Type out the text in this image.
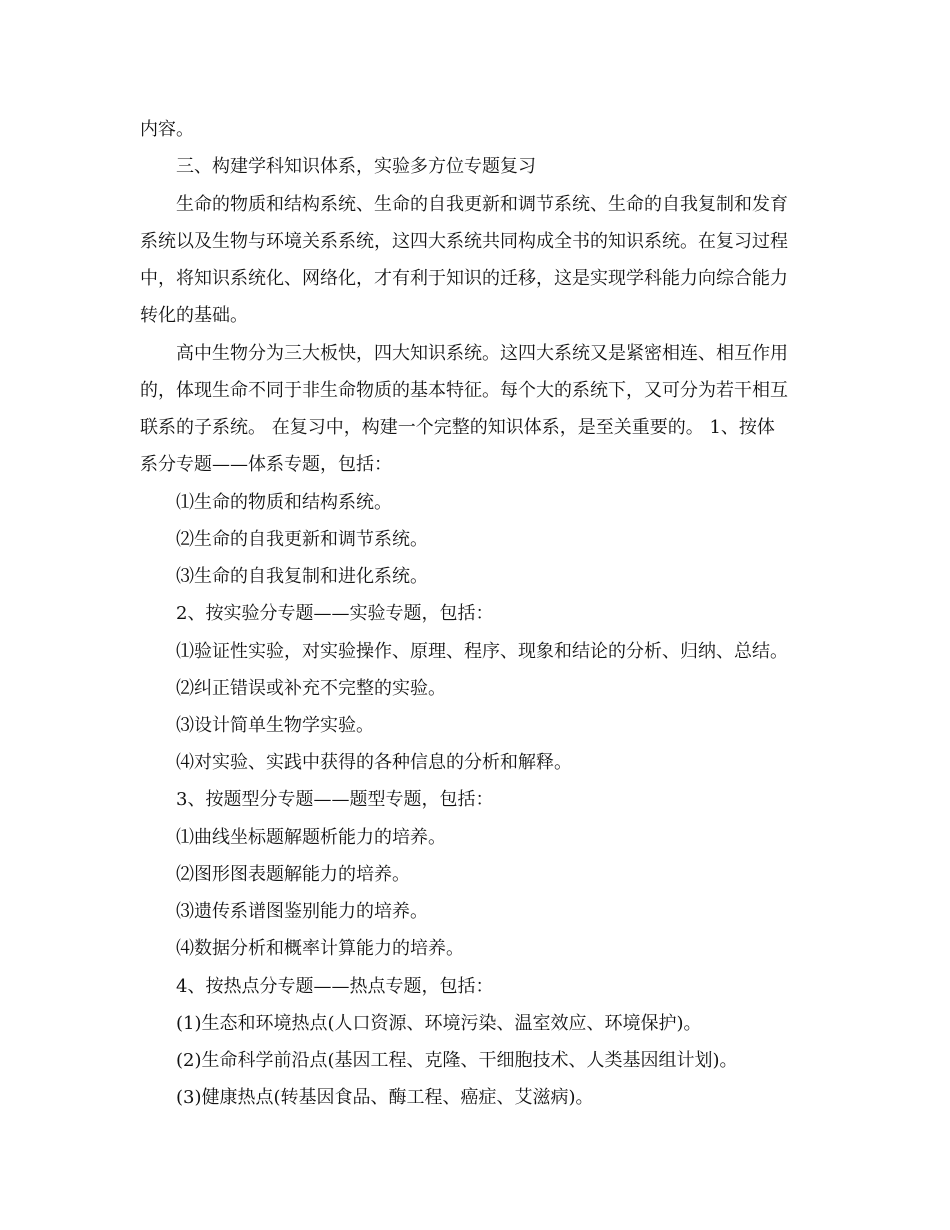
内容。
三、构建学科知识体系，实验多方位专题复习
生命的物质和结构系统、生命的自我更新和调节系统、生命的自我复制和发育
系统以及生物与环境关系系统，这四大系统共同构成全书的知识系统。在复习过程
中，将知识系统化、网络化，才有利于知识的迁移，这是实现学科能力向综合能力
转化的基础。
高中生物分为三大板快，四大知识系统。这四大系统又是紧密相连、相互作用
的，体现生命不同于非生命物质的基本特征。每个大的系统下，又可分为若干相互
联系的子系统。 在复习中，构建一个完整的知识体系，是至关重要的。 1、按体
系分专题——体系专题，包括：
⑴生命的物质和结构系统。
⑵生命的自我更新和调节系统。
⑶生命的自我复制和进化系统。
2、按实验分专题——实验专题，包括：
⑴验证性实验，对实验操作、原理、程序、现象和结论的分析、归纳、总结。
⑵纠正错误或补充不完整的实验。
⑶设计简单生物学实验。
⑷对实验、实践中获得的各种信息的分析和解释。
3、按题型分专题——题型专题，包括：
⑴曲线坐标题解题析能力的培养。
⑵图形图表题解能力的培养。
⑶遗传系谱图鉴别能力的培养。
⑷数据分析和概率计算能力的培养。
4、按热点分专题——热点专题，包括：
(1)生态和环境热点(人口资源、环境污染、温室效应、环境保护)。
(2)生命科学前沿点(基因工程、克隆、干细胞技术、人类基因组计划)。
(3)健康热点(转基因食品、酶工程、癌症、艾滋病)。
